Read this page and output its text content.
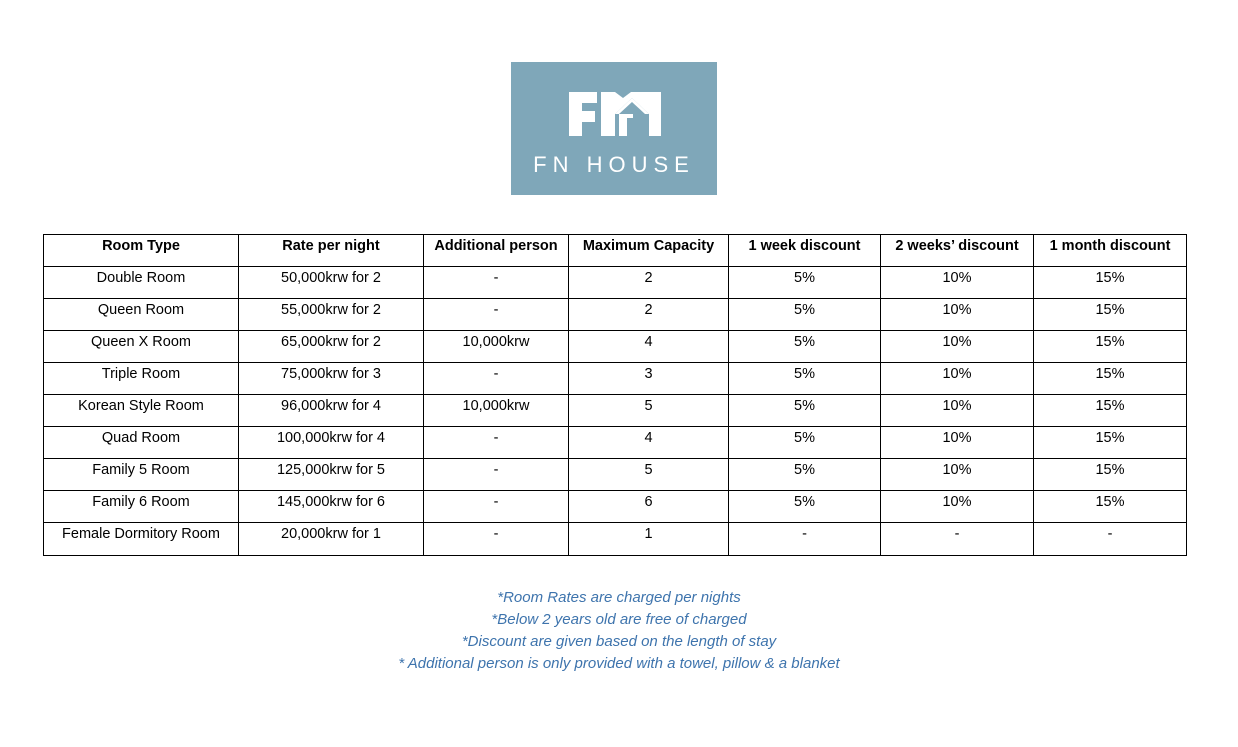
FN HOUSE
Room Type	Rate per night	Additional person	Maximum Capacity	1 week discount	2 weeks’ discount	1 month discount
Double Room	50,000krw for 2	-	2	5%	10%	15%
Queen Room	55,000krw for 2	-	2	5%	10%	15%
Queen X Room	65,000krw for 2	10,000krw	4	5%	10%	15%
Triple Room	75,000krw for 3	-	3	5%	10%	15%
Korean Style Room	96,000krw for 4	10,000krw	5	5%	10%	15%
Quad Room	100,000krw for 4	-	4	5%	10%	15%
Family 5 Room	125,000krw for 5	-	5	5%	10%	15%
Family 6 Room	145,000krw for 6	-	6	5%	10%	15%
Female Dormitory Room	20,000krw for 1	-	1	-	-	-
*Room Rates are charged per nights
*Below 2 years old are free of charged
*Discount are given based on the length of stay
* Additional person is only provided with a towel, pillow & a blanket
